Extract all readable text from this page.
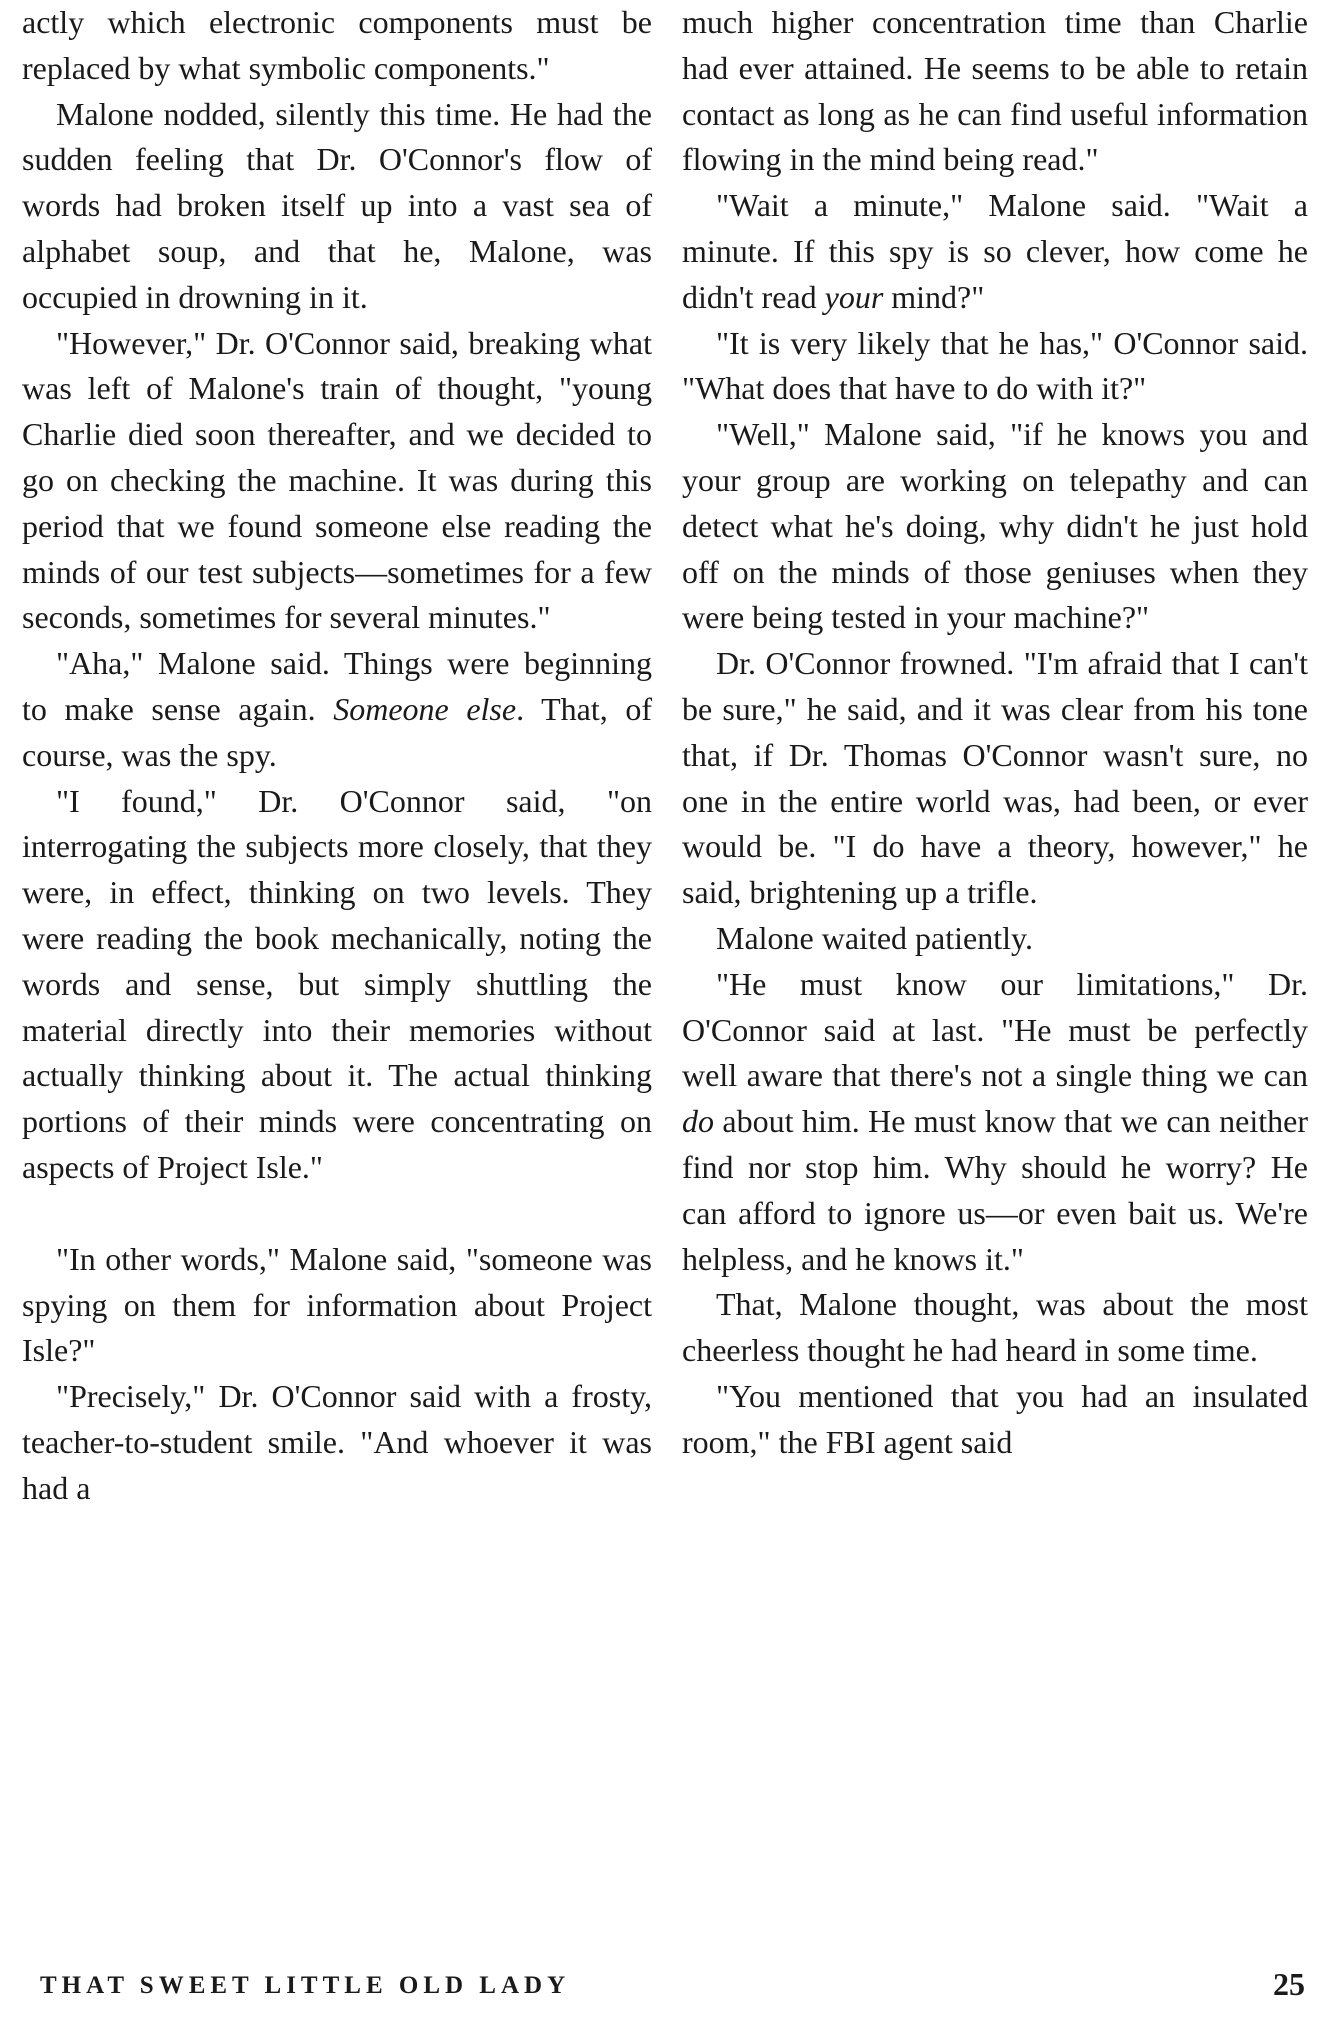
actly which electronic components must be replaced by what symbolic components."

Malone nodded, silently this time. He had the sudden feeling that Dr. O'Connor's flow of words had broken itself up into a vast sea of alphabet soup, and that he, Malone, was occupied in drowning in it.

"However," Dr. O'Connor said, breaking what was left of Malone's train of thought, "young Charlie died soon thereafter, and we decided to go on checking the machine. It was during this period that we found someone else reading the minds of our test subjects—sometimes for a few seconds, sometimes for several minutes."

"Aha," Malone said. Things were beginning to make sense again. Someone else. That, of course, was the spy.

"I found," Dr. O'Connor said, "on interrogating the subjects more closely, that they were, in effect, thinking on two levels. They were reading the book mechanically, noting the words and sense, but simply shuttling the material directly into their memories without actually thinking about it. The actual thinking portions of their minds were concentrating on aspects of Project Isle."

"In other words," Malone said, "someone was spying on them for information about Project Isle?"

"Precisely," Dr. O'Connor said with a frosty, teacher-to-student smile. "And whoever it was had a

much higher concentration time than Charlie had ever attained. He seems to be able to retain contact as long as he can find useful information flowing in the mind being read."

"Wait a minute," Malone said. "Wait a minute. If this spy is so clever, how come he didn't read your mind?"

"It is very likely that he has," O'Connor said. "What does that have to do with it?"

"Well," Malone said, "if he knows you and your group are working on telepathy and can detect what he's doing, why didn't he just hold off on the minds of those geniuses when they were being tested in your machine?"

Dr. O'Connor frowned. "I'm afraid that I can't be sure," he said, and it was clear from his tone that, if Dr. Thomas O'Connor wasn't sure, no one in the entire world was, had been, or ever would be. "I do have a theory, however," he said, brightening up a trifle.

Malone waited patiently.

"He must know our limitations," Dr. O'Connor said at last. "He must be perfectly well aware that there's not a single thing we can do about him. He must know that we can neither find nor stop him. Why should he worry? He can afford to ignore us—or even bait us. We're helpless, and he knows it."

That, Malone thought, was about the most cheerless thought he had heard in some time.

"You mentioned that you had an insulated room," the FBI agent said

THAT SWEET LITTLE OLD LADY	25
